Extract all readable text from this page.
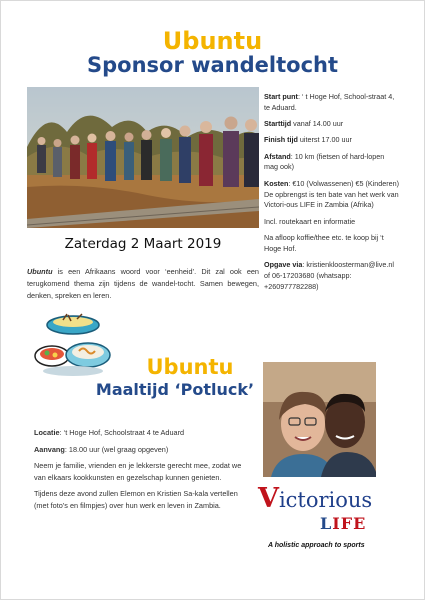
Ubuntu
Sponsor wandeltocht
Zaterdag 2 Maart 2019
Ubuntu is een Afrikaans woord voor ‘eenheid’. Dit zal ook een terugkomend thema zijn tijdens de wandel-tocht. Samen bewegen, denken, spreken en leren.

Start punt: ‘ t Hoge Hof, School-straat 4, te Aduard.

Starttijd vanaf 14.00 uur

Finish tijd uiterst 17.00 uur

Afstand: 10 km (fietsen of hard-lopen mag ook)

Kosten: €10 (Volwassenen) €5 (Kinderen) De opbrengst is ten bate van het werk van Victori-ous LIFE in Zambia (Afrika)

Incl. routekaart en informatie

Na afloop koffie/thee etc. te koop bij ‘t Hoge Hof.

Opgave via: kristienkloosterman@live.nl of 06-17203680 (whatsapp: +260977782288)

Ubuntu
Maaltijd ‘Potluck’

Locatie: ‘t Hoge Hof, Schoolstraat 4 te Aduard

Aanvang: 18.00 uur (wel graag opgeven)

Neem je familie, vrienden en je lekkerste gerecht mee, zodat we van elkaars kookkunsten en gezelschap kunnen genieten.

Tijdens deze avond zullen Elemon en Kristien Sa-kala vertellen (met foto’s en filmpjes) over hun werk en leven in Zambia.	Victorious
LIFE
A holistic approach to sports
